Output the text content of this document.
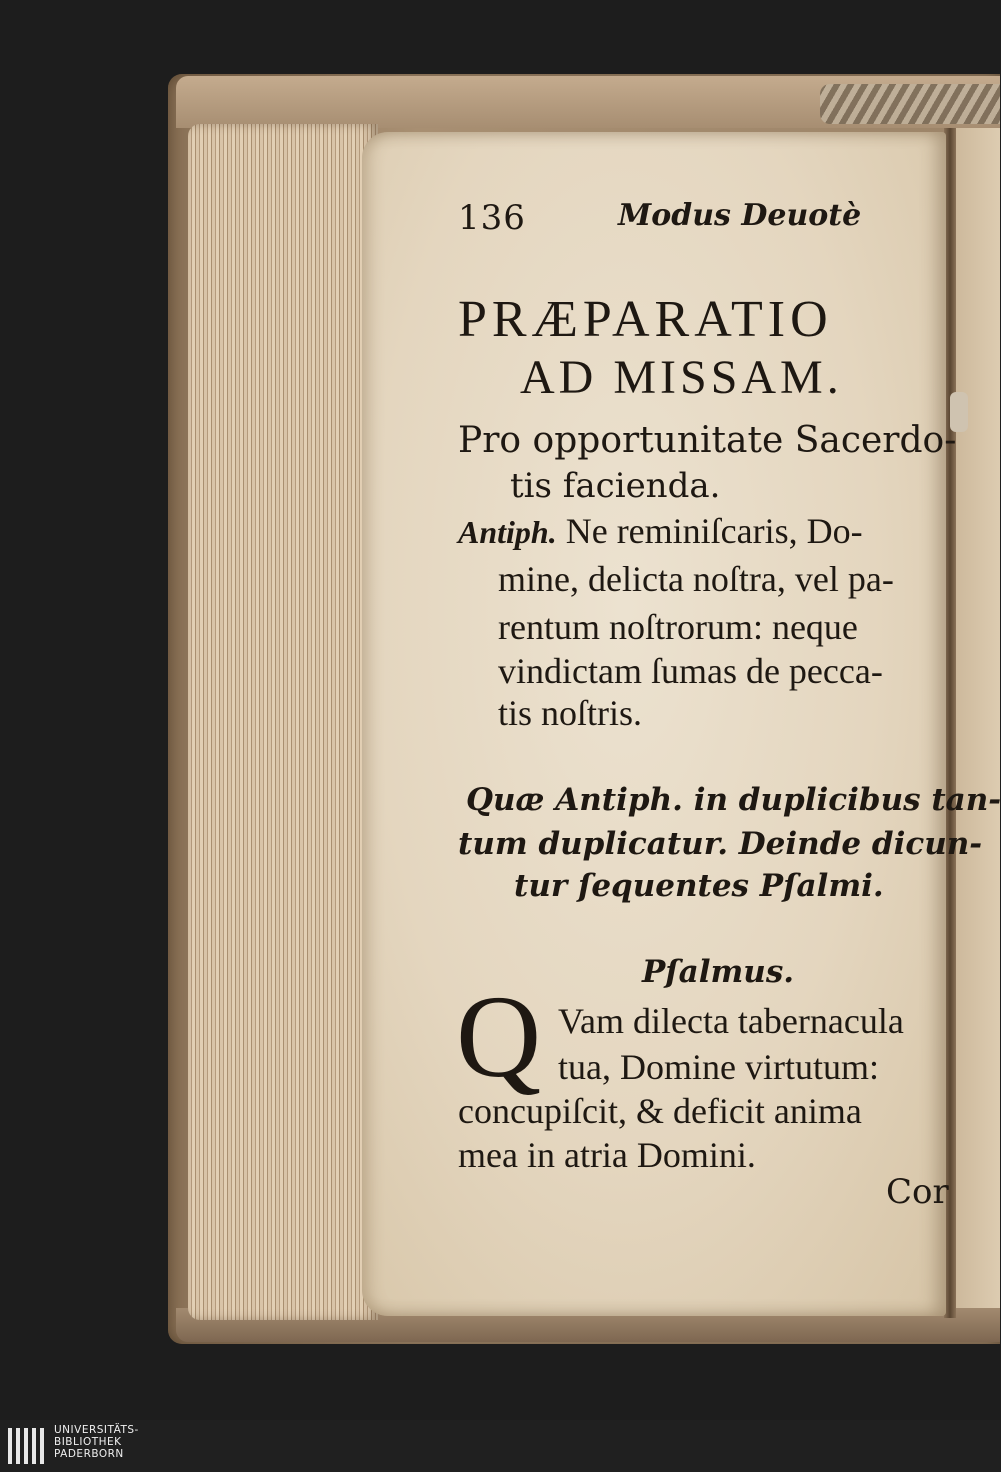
136	Modus Deuotè
PRÆPARATIO
AD MISSAM.
Pro opportunitate Sacerdo-
tis facienda.
Antiph. Ne reminiſcaris, Do-
mine, delicta noſtra, vel pa-
rentum noſtrorum: neque
vindictam ſumas de pecca-
tis noſtris.
Quæ Antiph. in duplicibus tan-
tum duplicatur. Deinde dicun-
tur ſequentes Pſalmi.
Pſalmus.
Q Vam dilecta tabernacula
tua, Domine virtutum:
concupiſcit, & deficit anima
mea in atria Domini.
Cor
UNIVERSITÄTS-
BIBLIOTHEK
PADERBORN
